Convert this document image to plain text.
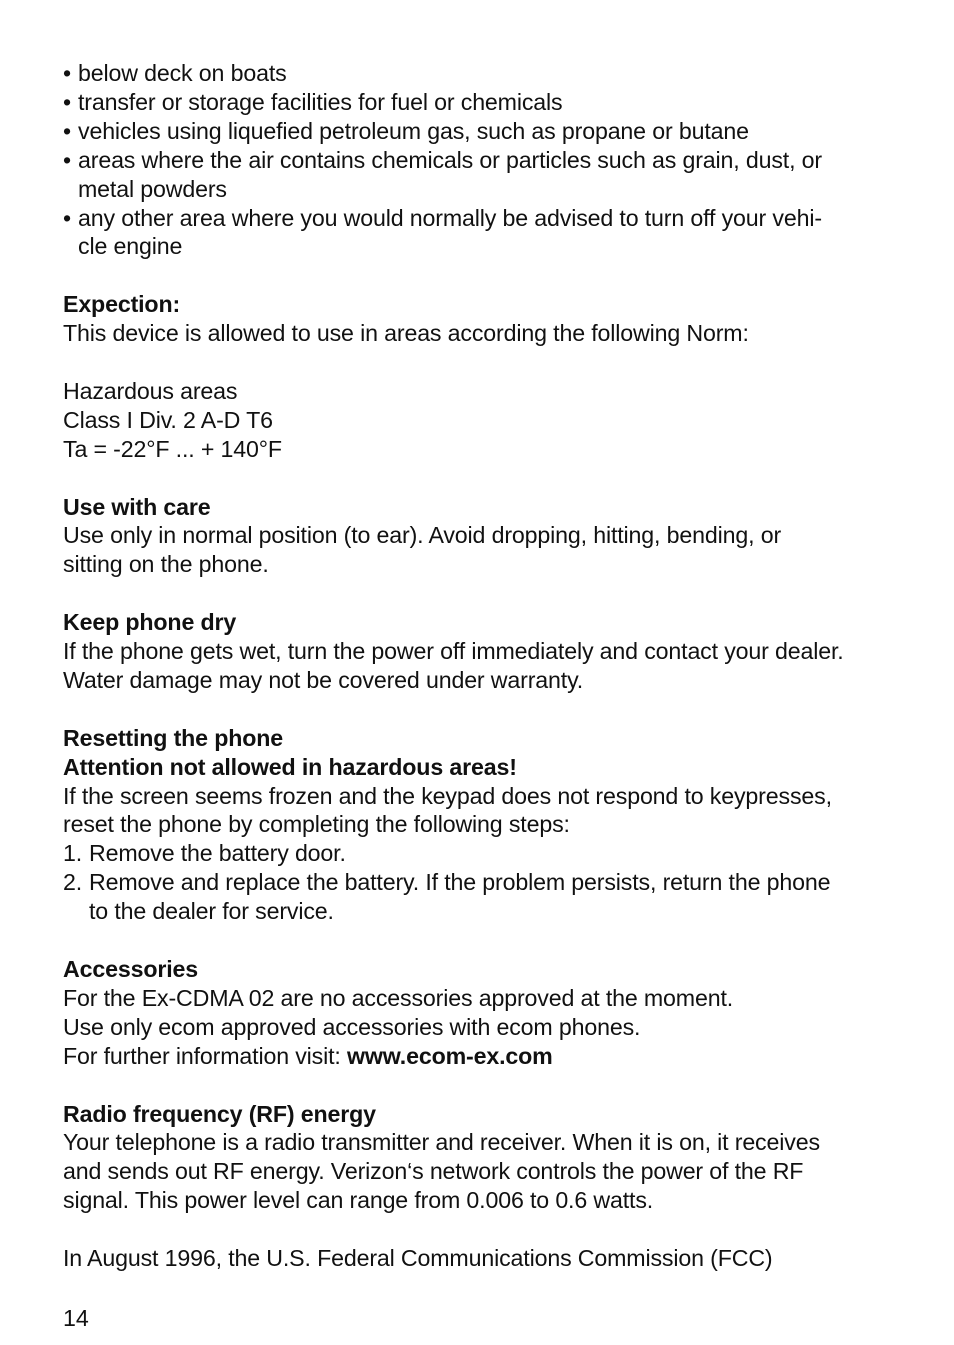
• below deck on boats
• transfer or storage facilities for fuel or chemicals
• vehicles using liquefied petroleum gas, such as propane or butane
• areas where the air contains chemicals or particles such as grain, dust, or
metal powders
• any other area where you would normally be advised to turn off your vehi-
cle engine
Expection:
This device is allowed to use in areas according the following Norm:
Hazardous areas
Class I Div. 2 A-D T6
Ta = -22°F ... + 140°F
Use with care
Use only in normal position (to ear). Avoid dropping, hitting, bending, or
sitting on the phone.
Keep phone dry
If the phone gets wet, turn the power off immediately and contact your dealer.
Water damage may not be covered under warranty.
Resetting the phone
Attention not allowed in hazardous areas!
If the screen seems frozen and the keypad does not respond to keypresses,
reset the phone by completing the following steps:
1. Remove the battery door.
2. Remove and replace the battery. If the problem persists, return the phone
to the dealer for service.
Accessories
For the Ex-CDMA 02 are no accessories approved at the moment.
Use only ecom approved accessories with ecom phones.
For further information visit: www.ecom-ex.com
Radio frequency (RF) energy
Your telephone is a radio transmitter and receiver. When it is on, it receives
and sends out RF energy. Verizon‘s network controls the power of the RF
signal. This power level can range from 0.006 to 0.6 watts.
In August 1996, the U.S. Federal Communications Commission (FCC)
14
